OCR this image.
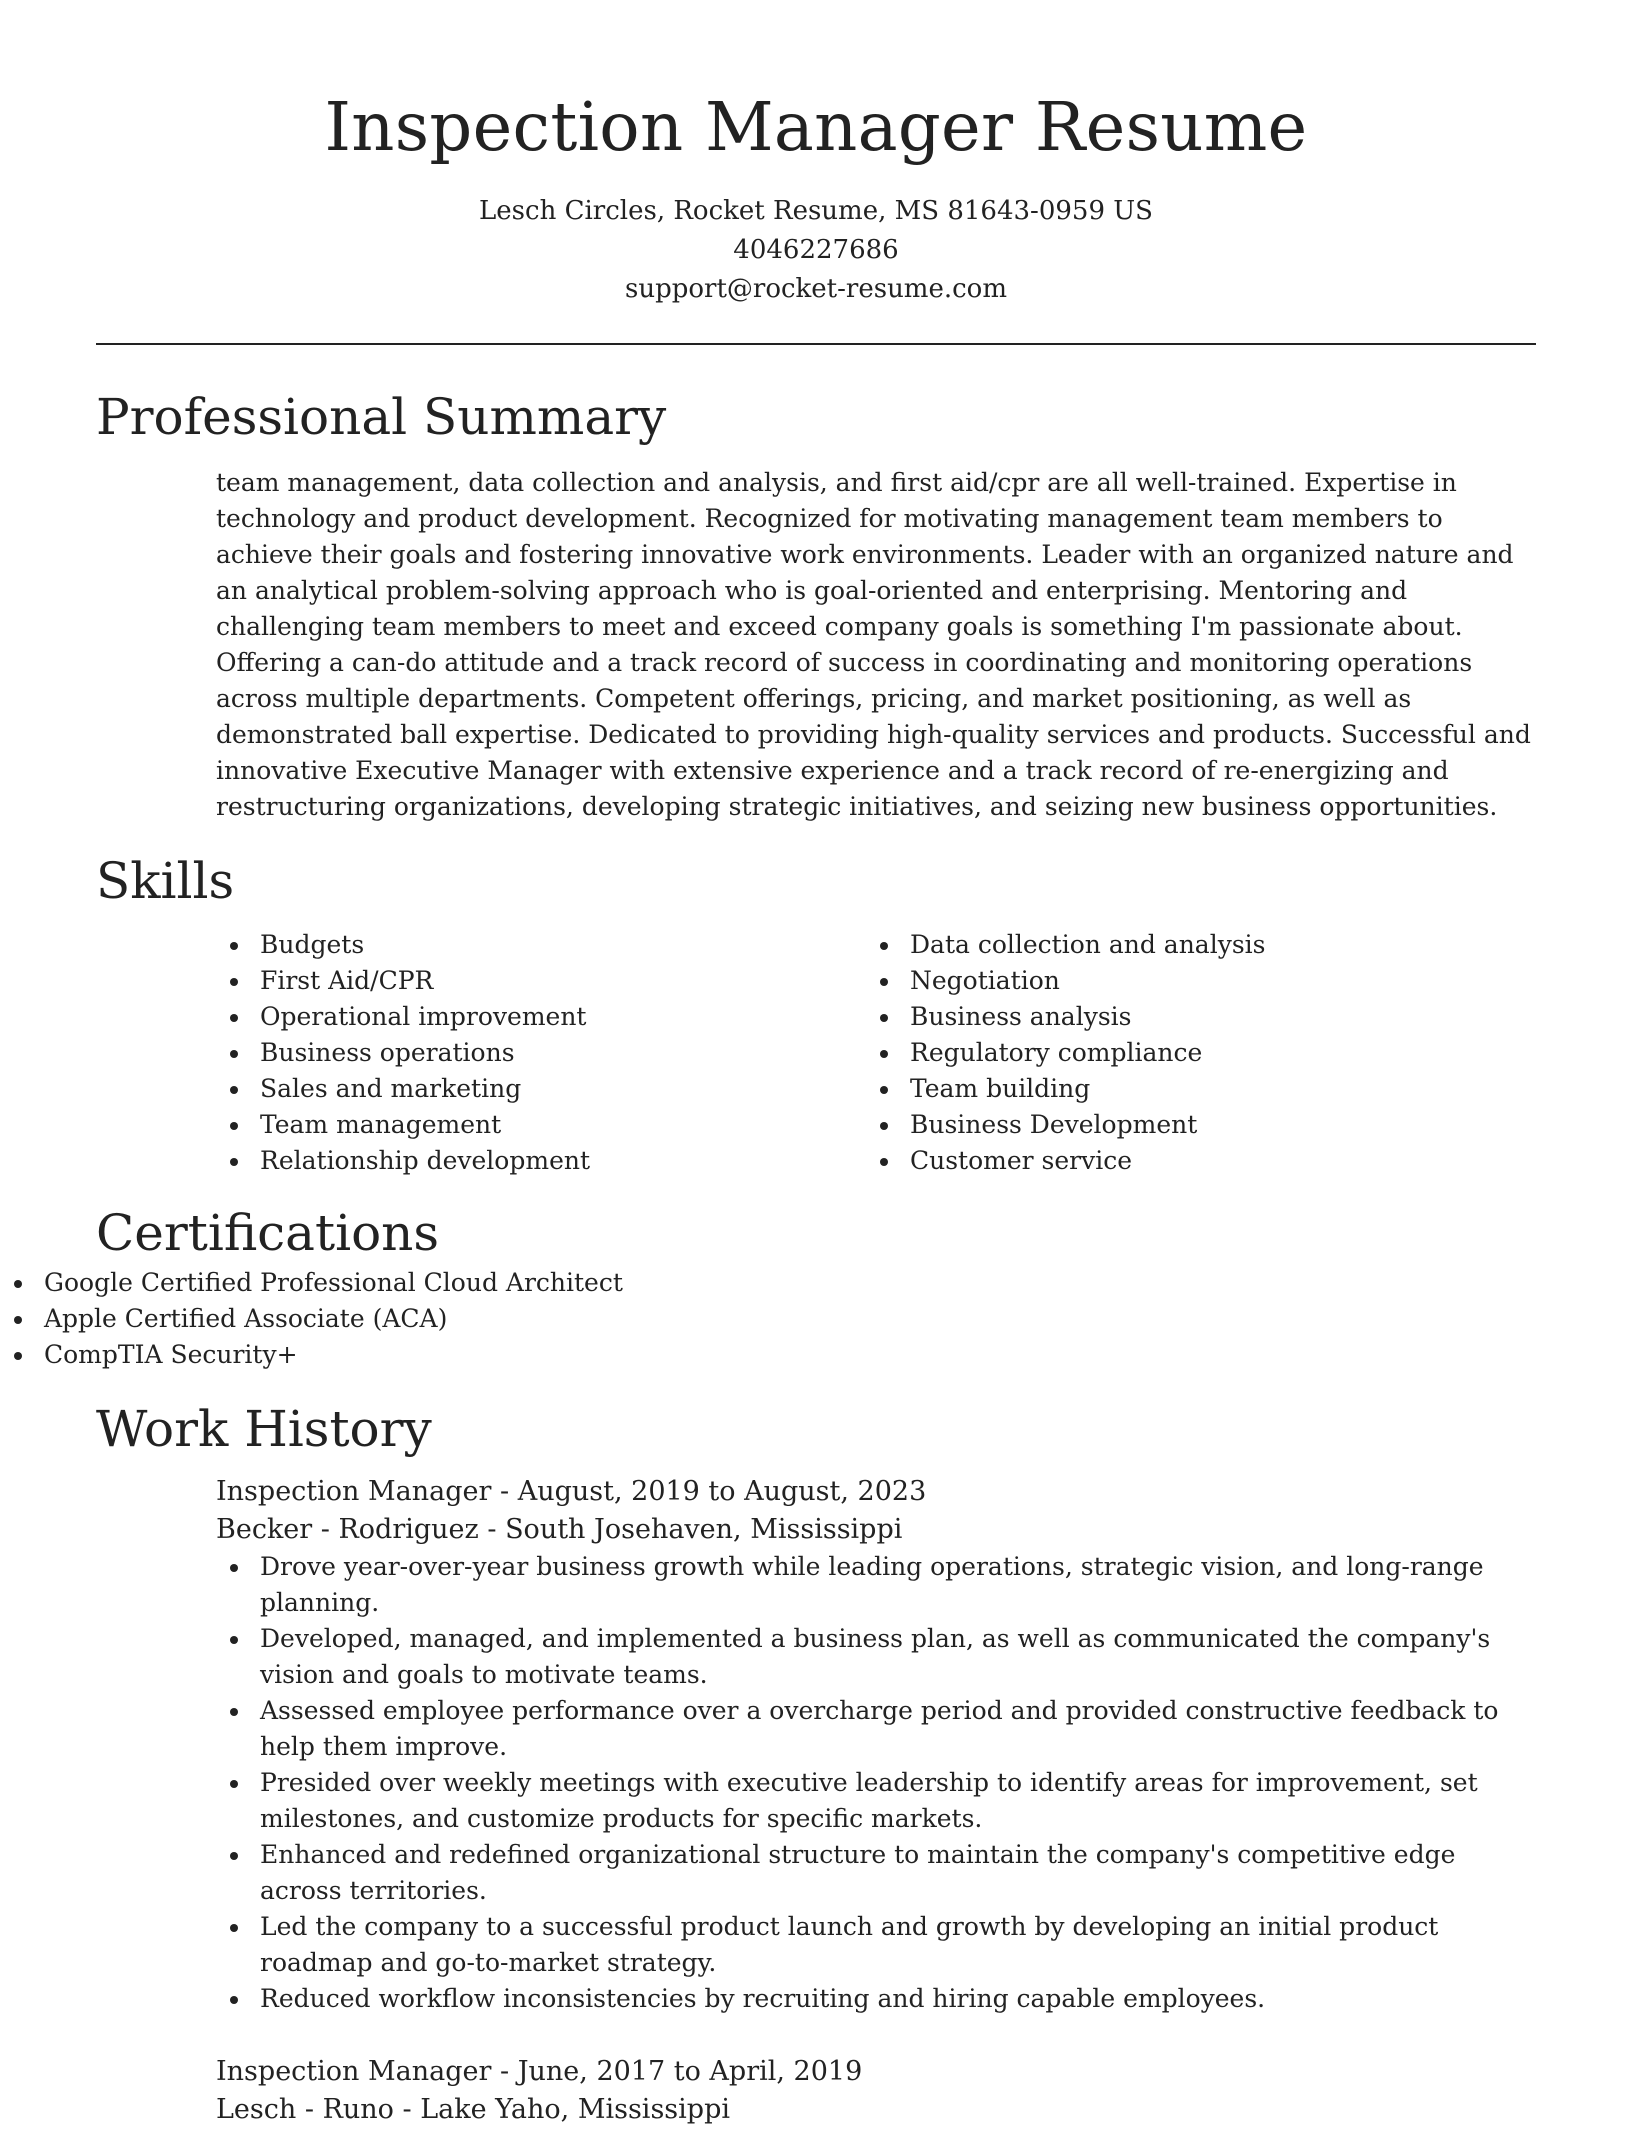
Inspection Manager Resume

Lesch Circles, Rocket Resume, MS 81643-0959 US

4046227686

support@rocket-resume.com

Professional Summary

team management, data collection and analysis, and first aid/cpr are all well-trained. Expertise in technology and product development. Recognized for motivating management team members to achieve their goals and fostering innovative work environments. Leader with an organized nature and an analytical problem-solving approach who is goal-oriented and enterprising. Mentoring and challenging team members to meet and exceed company goals is something I'm passionate about. Offering a can-do attitude and a track record of success in coordinating and monitoring operations across multiple departments. Competent offerings, pricing, and market positioning, as well as demonstrated ball expertise. Dedicated to providing high-quality services and products. Successful and innovative Executive Manager with extensive experience and a track record of re-energizing and restructuring organizations, developing strategic initiatives, and seizing new business opportunities.

Skills
Budgets
First Aid/CPR
Operational improvement
Business operations
Sales and marketing
Team management
Relationship development
Data collection and analysis
Negotiation
Business analysis
Regulatory compliance
Team building
Business Development
Customer service
Certifications
Google Certified Professional Cloud Architect
Apple Certified Associate (ACA)
CompTIA Security+
Work History

Inspection Manager - August, 2019 to August, 2023

Becker - Rodriguez - South Josehaven, Mississippi

Drove year-over-year business growth while leading operations, strategic vision, and long-range planning.
Developed, managed, and implemented a business plan, as well as communicated the company's vision and goals to motivate teams.
Assessed employee performance over a overcharge period and provided constructive feedback to help them improve.
Presided over weekly meetings with executive leadership to identify areas for improvement, set milestones, and customize products for specific markets.
Enhanced and redefined organizational structure to maintain the company's competitive edge across territories.
Led the company to a successful product launch and growth by developing an initial product roadmap and go-to-market strategy.
Reduced workflow inconsistencies by recruiting and hiring capable employees.

Inspection Manager - June, 2017 to April, 2019

Lesch - Runo - Lake Yaho, Mississippi
